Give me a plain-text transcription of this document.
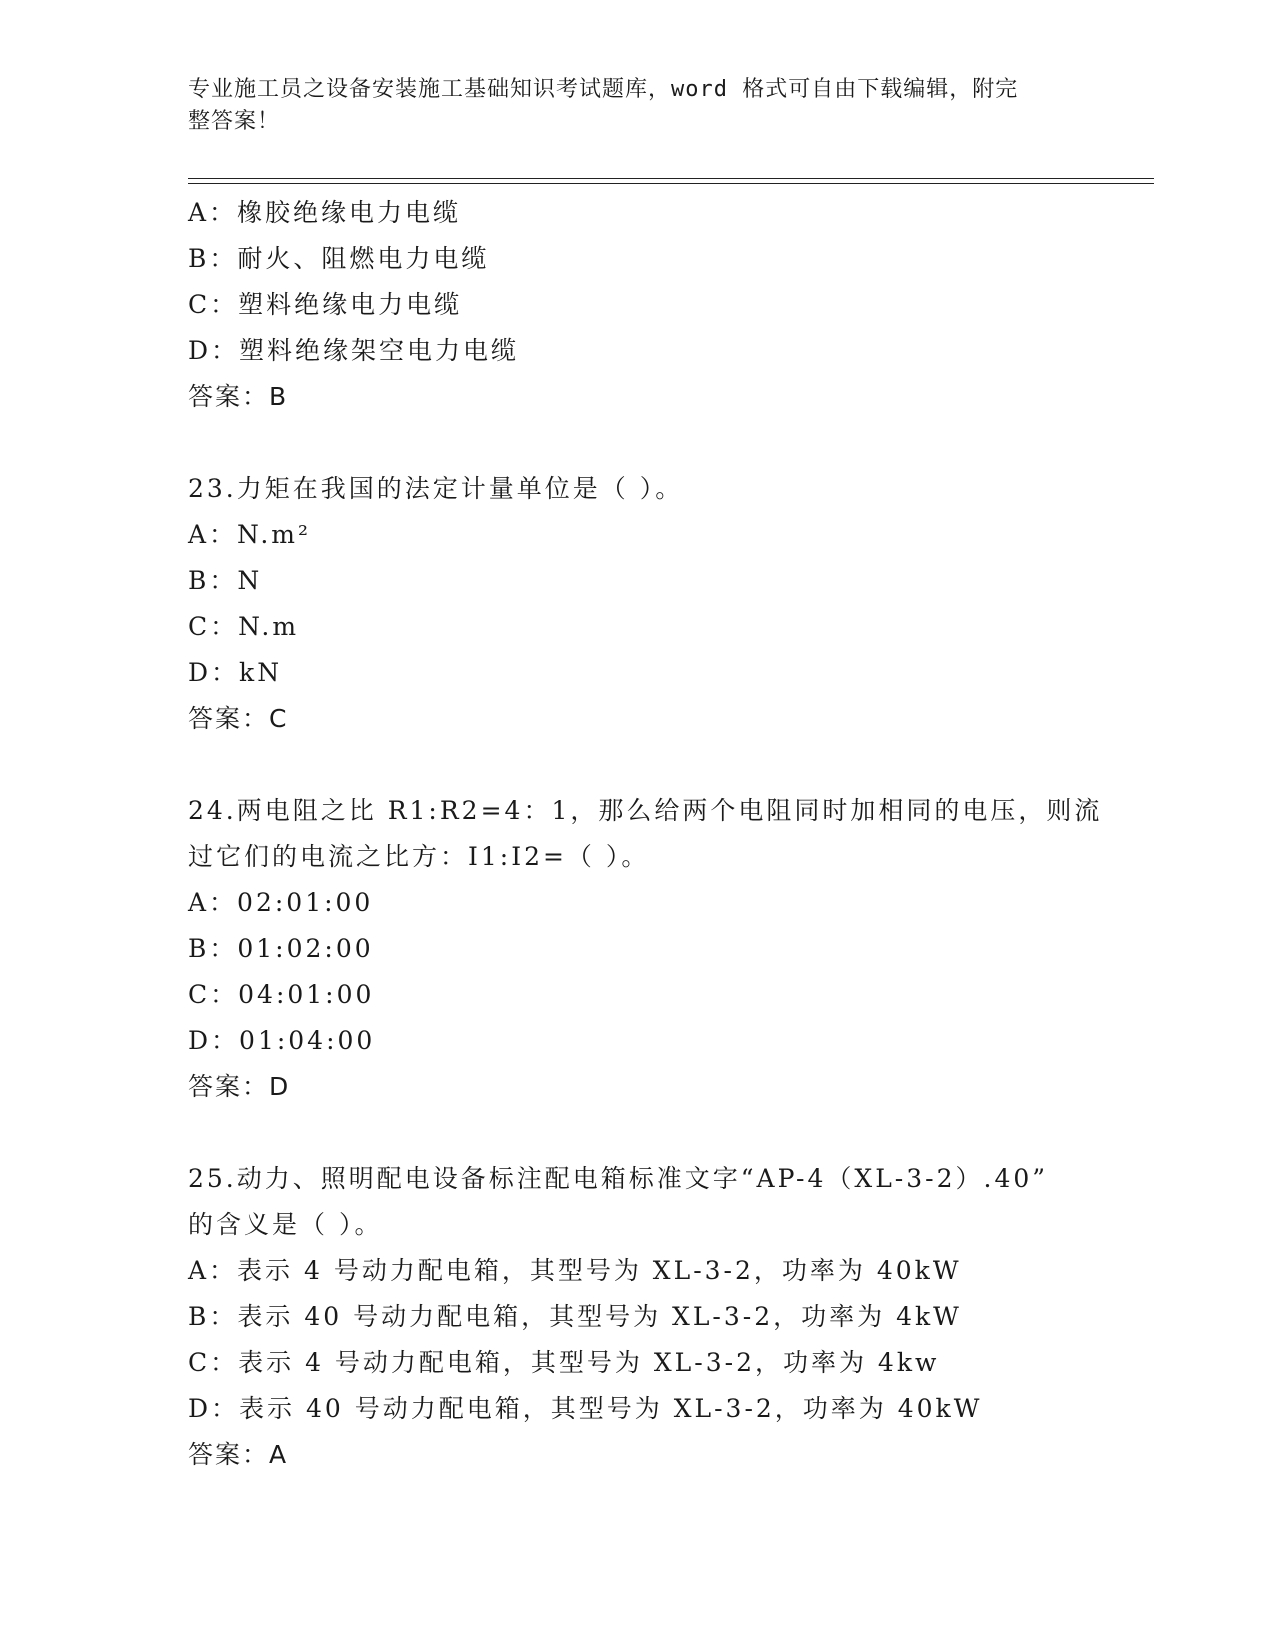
专业施工员之设备安装施工基础知识考试题库，word 格式可自由下载编辑，附完
整答案！
A：橡胶绝缘电力电缆
B：耐火、阻燃电力电缆
C：塑料绝缘电力电缆
D：塑料绝缘架空电力电缆
答案：B
23.力矩在我国的法定计量单位是（ ）。
A：N.m²
B：N
C：N.m
D：kN
答案：C
24.两电阻之比 R1:R2=4：1，那么给两个电阻同时加相同的电压，则流
过它们的电流之比方：I1:I2=（ ）。
A：02:01:00
B：01:02:00
C：04:01:00
D：01:04:00
答案：D
25.动力、照明配电设备标注配电箱标准文字“AP-4（XL-3-2）.40”
的含义是（ ）。
A：表示 4 号动力配电箱，其型号为 XL-3-2，功率为 40kW
B：表示 40 号动力配电箱，其型号为 XL-3-2，功率为 4kW
C：表示 4 号动力配电箱，其型号为 XL-3-2，功率为 4kw
D：表示 40 号动力配电箱，其型号为 XL-3-2，功率为 40kW
答案：A
